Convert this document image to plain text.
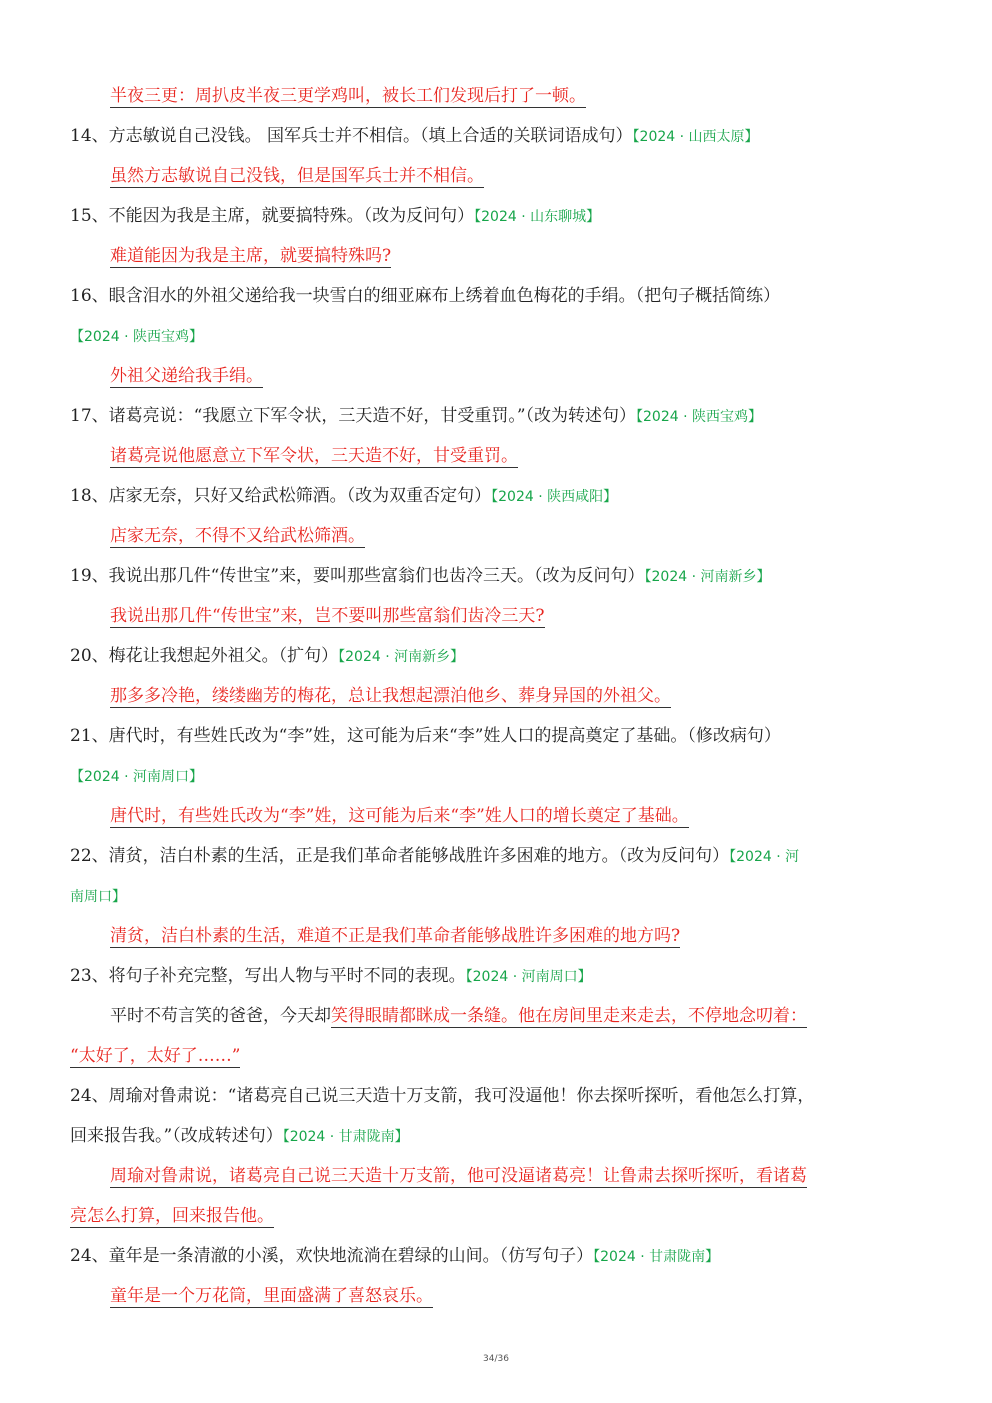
半夜三更：周扒皮半夜三更学鸡叫，被长工们发现后打了一顿。
14、方志敏说自己没钱。 国军兵士并不相信。（填上合适的关联词语成句）【2024 · 山西太原】
虽然方志敏说自己没钱，但是国军兵士并不相信。
15、不能因为我是主席，就要搞特殊。（改为反问句）【2024 · 山东聊城】
难道能因为我是主席，就要搞特殊吗?
16、眼含泪水的外祖父递给我一块雪白的细亚麻布上绣着血色梅花的手绢。（把句子概括简练）
【2024 · 陕西宝鸡】
外祖父递给我手绢。
17、诸葛亮说：“我愿立下军令状，三天造不好，甘受重罚。”（改为转述句）【2024 · 陕西宝鸡】
诸葛亮说他愿意立下军令状，三天造不好，甘受重罚。
18、店家无奈，只好又给武松筛酒。（改为双重否定句）【2024 · 陕西咸阳】
店家无奈，不得不又给武松筛酒。
19、我说出那几件“传世宝”来，要叫那些富翁们也齿冷三天。（改为反问句）【2024 · 河南新乡】
我说出那几件“传世宝”来，岂不要叫那些富翁们齿冷三天?
20、梅花让我想起外祖父。（扩句）【2024 · 河南新乡】
那多多冷艳，缕缕幽芳的梅花，总让我想起漂泊他乡、葬身异国的外祖父。
21、唐代时，有些姓氏改为“李”姓，这可能为后来“李”姓人口的提高奠定了基础。（修改病句）
【2024 · 河南周口】
唐代时，有些姓氏改为“李”姓，这可能为后来“李”姓人口的增长奠定了基础。
22、清贫，洁白朴素的生活，正是我们革命者能够战胜许多困难的地方。（改为反问句）【2024 · 河
南周口】
清贫，洁白朴素的生活，难道不正是我们革命者能够战胜许多困难的地方吗?
23、将句子补充完整，写出人物与平时不同的表现。【2024 · 河南周口】
平时不苟言笑的爸爸，今天却笑得眼睛都眯成一条缝。他在房间里走来走去，不停地念叨着：
“太好了，太好了……”
24、周瑜对鲁肃说：“诸葛亮自己说三天造十万支箭，我可没逼他！你去探听探听，看他怎么打算，
回来报告我。”（改成转述句）【2024 · 甘肃陇南】
周瑜对鲁肃说，诸葛亮自己说三天造十万支箭，他可没逼诸葛亮！让鲁肃去探听探听，看诸葛
亮怎么打算，回来报告他。
24、童年是一条清澈的小溪，欢快地流淌在碧绿的山间。（仿写句子）【2024 · 甘肃陇南】
童年是一个万花筒，里面盛满了喜怒哀乐。
34/36
